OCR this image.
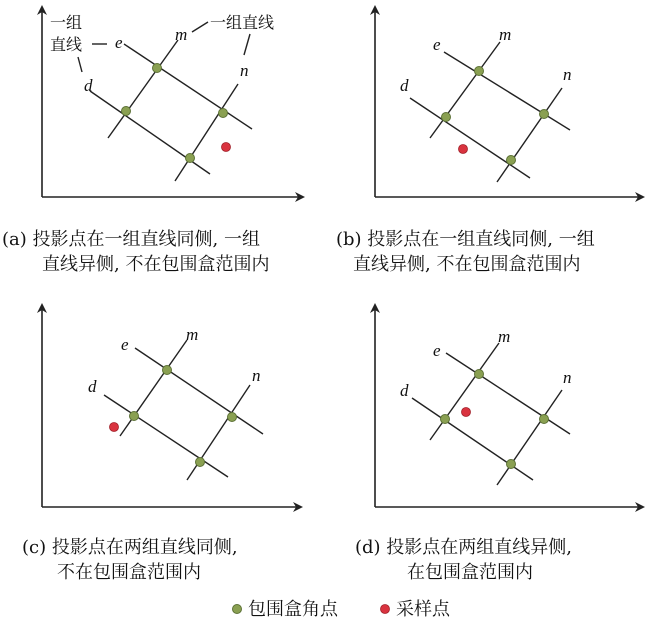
d
e	m
n
一组
直线
一组直线
(a) 投影点在一组直线同侧, 一组
直线异侧, 不在包围盒范围内
d
e
m
n
(b) 投影点在一组直线同侧, 一组
直线异侧, 不在包围盒范围内
d
e
m
n
(c) 投影点在两组直线同侧,
不在包围盒范围内
d
e
m
n
(d) 投影点在两组直线异侧,
在包围盒范围内
包围盒角点	采样点
